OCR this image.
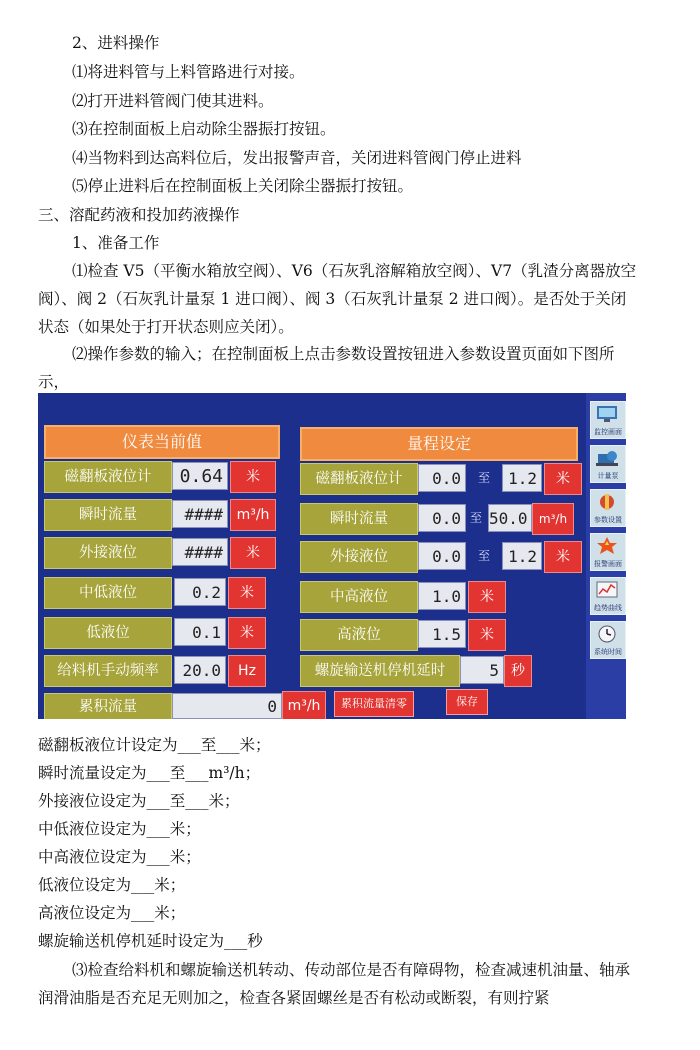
2、进料操作
⑴将进料管与上料管路进行对接。
⑵打开进料管阀门使其进料。
⑶在控制面板上启动除尘器振打按钮。
⑷当物料到达高料位后，发出报警声音，关闭进料管阀门停止进料
⑸停止进料后在控制面板上关闭除尘器振打按钮。
三、溶配药液和投加药液操作
1、准备工作
⑴检查 V5（平衡水箱放空阀）、V6（石灰乳溶解箱放空阀）、V7（乳渣分离器放空阀）、阀 2（石灰乳计量泵 1 进口阀）、阀 3（石灰乳计量泵 2 进口阀）。是否处于关闭状态（如果处于打开状态则应关闭）。
⑵操作参数的输入；在控制面板上点击参数设置按钮进入参数设置页面如下图所示，
仪表当前值	量程设定
磁翻板液位计	0.64	米
瞬时流量	#### m³/h
外接液位	####	米
中低液位	0.2	米
低液位	0.1	米
给料机手动频率	20.0	Hz
累积流量	0 m³/h	累积流量清零	保存
磁翻板液位计	0.0	至	1.2	米
瞬时流量	0.0 至 50.0 m³/h
外接液位	0.0	至	1.2	米
中高液位	1.0	米
高液位	1.5	米
螺旋输送机停机延时	5 秒
监控画面
计量泵
参数设置
报警画面
趋势曲线
系统时间
磁翻板液位计设定为___至___米；
瞬时流量设定为___至___m³/h；
外接液位设定为___至___米；
中低液位设定为___米；
中高液位设定为___米；
低液位设定为___米；
高液位设定为___米；
螺旋输送机停机延时设定为___秒
⑶检查给料机和螺旋输送机转动、传动部位是否有障碍物，检查减速机油量、轴承润滑油脂是否充足无则加之，检查各紧固螺丝是否有松动或断裂，有则拧紧
